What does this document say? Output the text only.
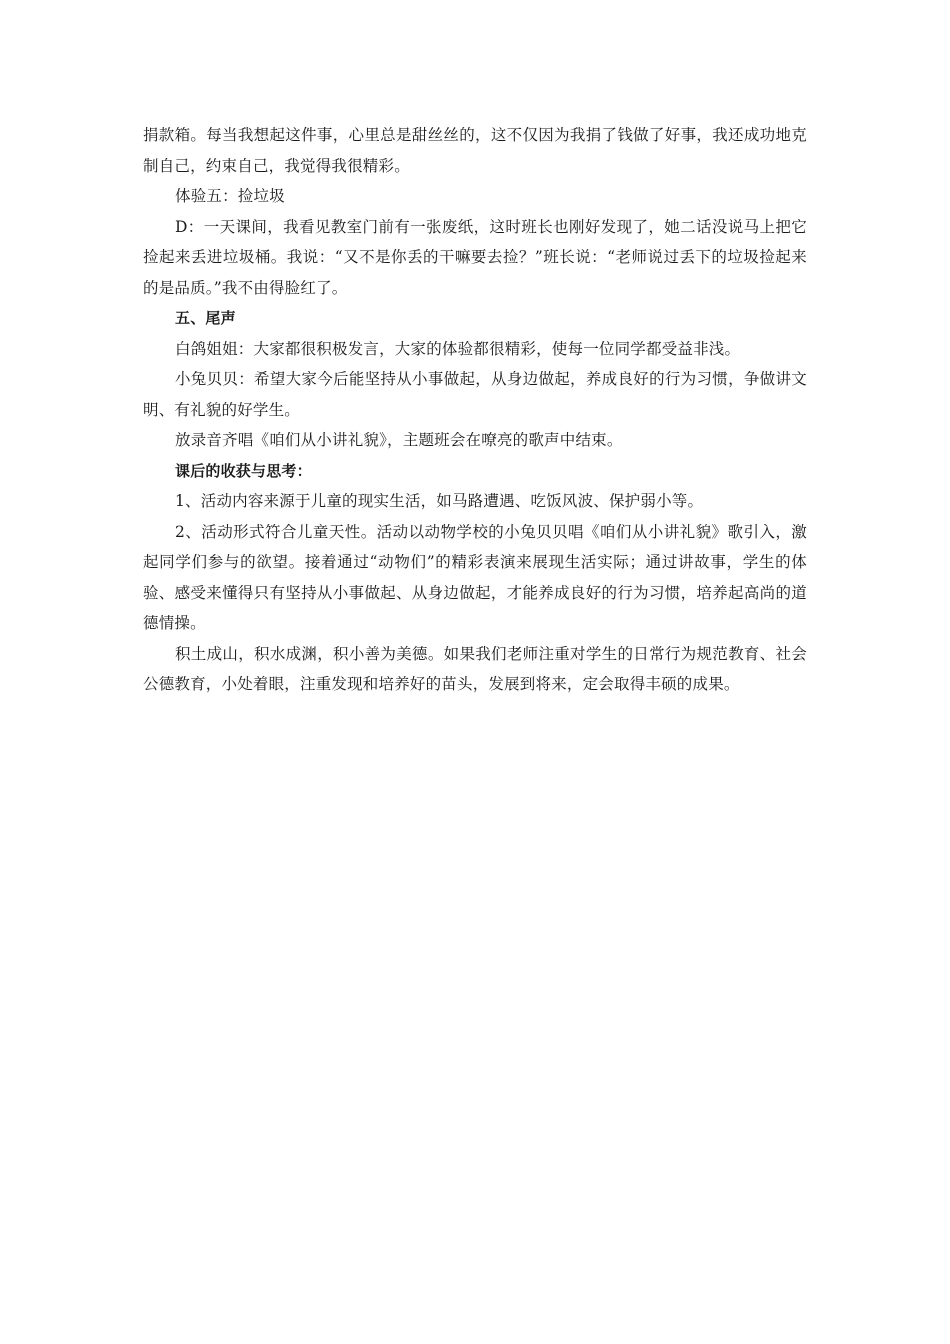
捐款箱。每当我想起这件事，心里总是甜丝丝的，这不仅因为我捐了钱做了好事，我还成功地克制自己，约束自己，我觉得我很精彩。

体验五：捡垃圾

D：一天课间，我看见教室门前有一张废纸，这时班长也刚好发现了，她二话没说马上把它捡起来丢进垃圾桶。我说：“又不是你丢的干嘛要去捡？”班长说：“老师说过丢下的垃圾捡起来的是品质。”我不由得脸红了。

五、尾声

白鸽姐姐：大家都很积极发言，大家的体验都很精彩，使每一位同学都受益非浅。

小兔贝贝：希望大家今后能坚持从小事做起，从身边做起，养成良好的行为习惯，争做讲文明、有礼貌的好学生。

放录音齐唱《咱们从小讲礼貌》，主题班会在嘹亮的歌声中结束。

课后的收获与思考：

1、活动内容来源于儿童的现实生活，如马路遭遇、吃饭风波、保护弱小等。

2、活动形式符合儿童天性。活动以动物学校的小兔贝贝唱《咱们从小讲礼貌》歌引入，激起同学们参与的欲望。接着通过“动物们”的精彩表演来展现生活实际；通过讲故事，学生的体验、感受来懂得只有坚持从小事做起、从身边做起，才能养成良好的行为习惯，培养起高尚的道德情操。

积土成山，积水成渊，积小善为美德。如果我们老师注重对学生的日常行为规范教育、社会公德教育，小处着眼，注重发现和培养好的苗头，发展到将来，定会取得丰硕的成果。
